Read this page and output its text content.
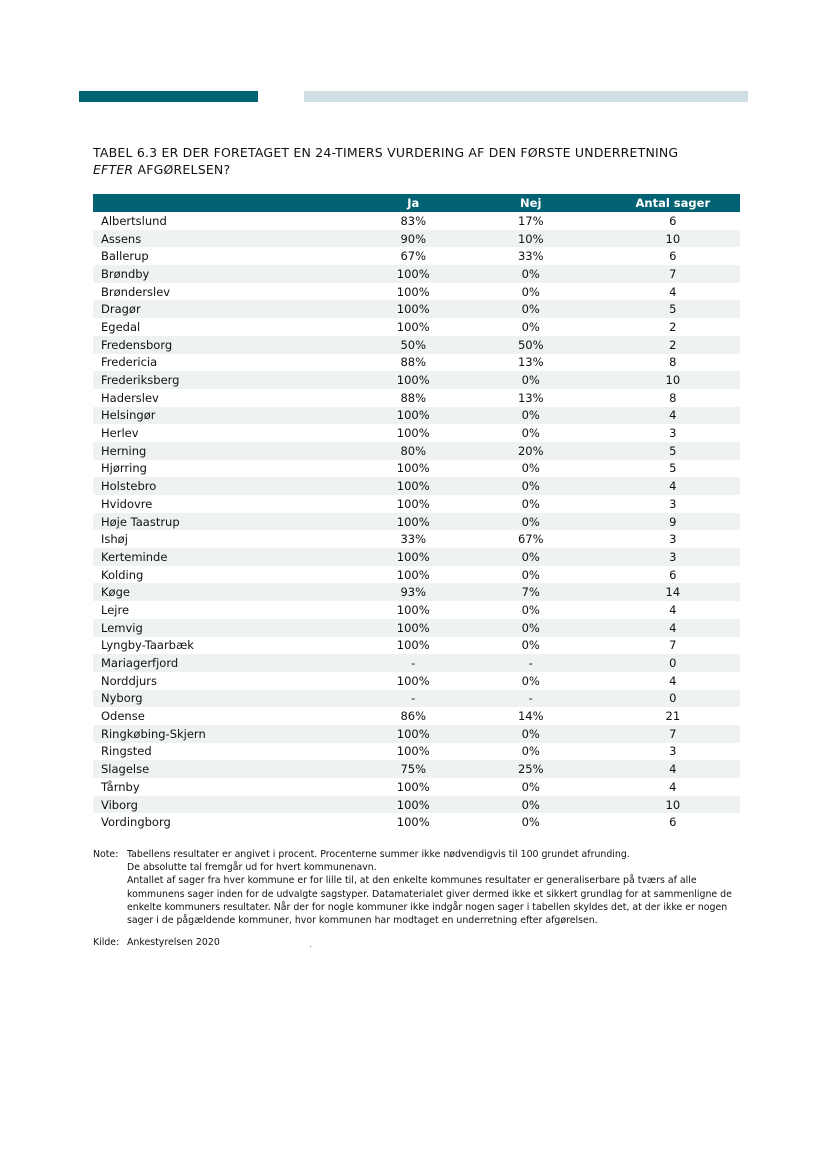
TABEL 6.3 ER DER FORETAGET EN 24-TIMERS VURDERING AF DEN FØRSTE UNDERRETNING
EFTER AFGØRELSEN?
	Ja	Nej	Antal sager
Albertslund	83%	17%	6
Assens	90%	10%	10
Ballerup	67%	33%	6
Brøndby	100%	0%	7
Brønderslev	100%	0%	4
Dragør	100%	0%	5
Egedal	100%	0%	2
Fredensborg	50%	50%	2
Fredericia	88%	13%	8
Frederiksberg	100%	0%	10
Haderslev	88%	13%	8
Helsingør	100%	0%	4
Herlev	100%	0%	3
Herning	80%	20%	5
Hjørring	100%	0%	5
Holstebro	100%	0%	4
Hvidovre	100%	0%	3
Høje Taastrup	100%	0%	9
Ishøj	33%	67%	3
Kerteminde	100%	0%	3
Kolding	100%	0%	6
Køge	93%	7%	14
Lejre	100%	0%	4
Lemvig	100%	0%	4
Lyngby-Taarbæk	100%	0%	7
Mariagerfjord	-	-	0
Norddjurs	100%	0%	4
Nyborg	-	-	0
Odense	86%	14%	21
Ringkøbing-Skjern	100%	0%	7
Ringsted	100%	0%	3
Slagelse	75%	25%	4
Tårnby	100%	0%	4
Viborg	100%	0%	10
Vordingborg	100%	0%	6
Note: Tabellens resultater er angivet i procent. Procenterne summer ikke nødvendigvis til 100 grundet afrunding.

De absolutte tal fremgår ud for hvert kommunenavn.

Antallet af sager fra hver kommune er for lille til, at den enkelte kommunes resultater er generaliserbare på tværs af alle kommunens sager inden for de udvalgte sagstyper. Datamaterialet giver dermed ikke et sikkert grundlag for at sammenligne de enkelte kommuners resultater. Når der for nogle kommuner ikke indgår nogen sager i tabellen skyldes det, at der ikke er nogen sager i de pågældende kommuner, hvor kommunen har modtaget en underretning efter afgørelsen.

Kilde: Ankestyrelsen 2020
